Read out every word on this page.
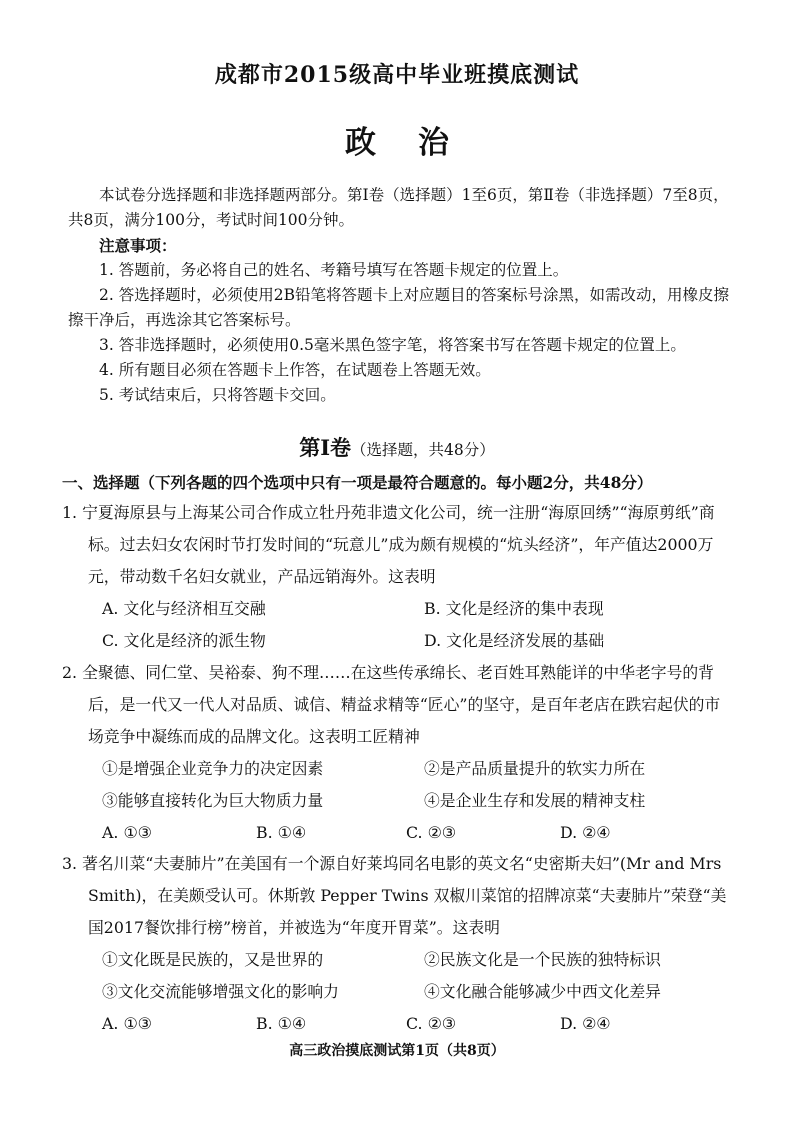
成都市2015级高中毕业班摸底测试
政治

本试卷分选择题和非选择题两部分。第Ⅰ卷（选择题）1至6页，第Ⅱ卷（非选择题）7至8页，共8页，满分100分，考试时间100分钟。

注意事项：

1. 答题前，务必将自己的姓名、考籍号填写在答题卡规定的位置上。
2. 答选择题时，必须使用2B铅笔将答题卡上对应题目的答案标号涂黑，如需改动，用橡皮擦擦干净后，再选涂其它答案标号。
3. 答非选择题时，必须使用0.5毫米黑色签字笔，将答案书写在答题卡规定的位置上。
4. 所有题目必须在答题卡上作答，在试题卷上答题无效。
5. 考试结束后，只将答题卡交回。
第Ⅰ卷（选择题，共48分）
一、选择题（下列各题的四个选项中只有一项是最符合题意的。每小题2分，共48分）

1. 宁夏海原县与上海某公司合作成立牡丹苑非遗文化公司，统一注册“海原回绣”“海原剪纸”商标。过去妇女农闲时节打发时间的“玩意儿”成为颇有规模的“炕头经济”，年产值达2000万元，带动数千名妇女就业，产品远销海外。这表明

A. 文化与经济相互交融	B. 文化是经济的集中表现
C. 文化是经济的派生物	D. 文化是经济发展的基础

2. 全聚德、同仁堂、吴裕泰、狗不理……在这些传承绵长、老百姓耳熟能详的中华老字号的背后，是一代又一代人对品质、诚信、精益求精等“匠心”的坚守，是百年老店在跌宕起伏的市场竞争中凝练而成的品牌文化。这表明工匠精神

①是增强企业竞争力的决定因素	②是产品质量提升的软实力所在
③能够直接转化为巨大物质力量	④是企业生存和发展的精神支柱
A. ①③	B. ①④	C. ②③	D. ②④

3. 著名川菜“夫妻肺片”在美国有一个源自好莱坞同名电影的英文名“史密斯夫妇”(Mr and Mrs Smith)，在美颇受认可。休斯敦 Pepper Twins 双椒川菜馆的招牌凉菜“夫妻肺片”荣登“美国2017餐饮排行榜”榜首，并被选为“年度开胃菜”。这表明

①文化既是民族的，又是世界的	②民族文化是一个民族的独特标识
③文化交流能够增强文化的影响力	④文化融合能够减少中西文化差异
A. ①③	B. ①④	C. ②③	D. ②④
高三政治摸底测试第1页（共8页）
